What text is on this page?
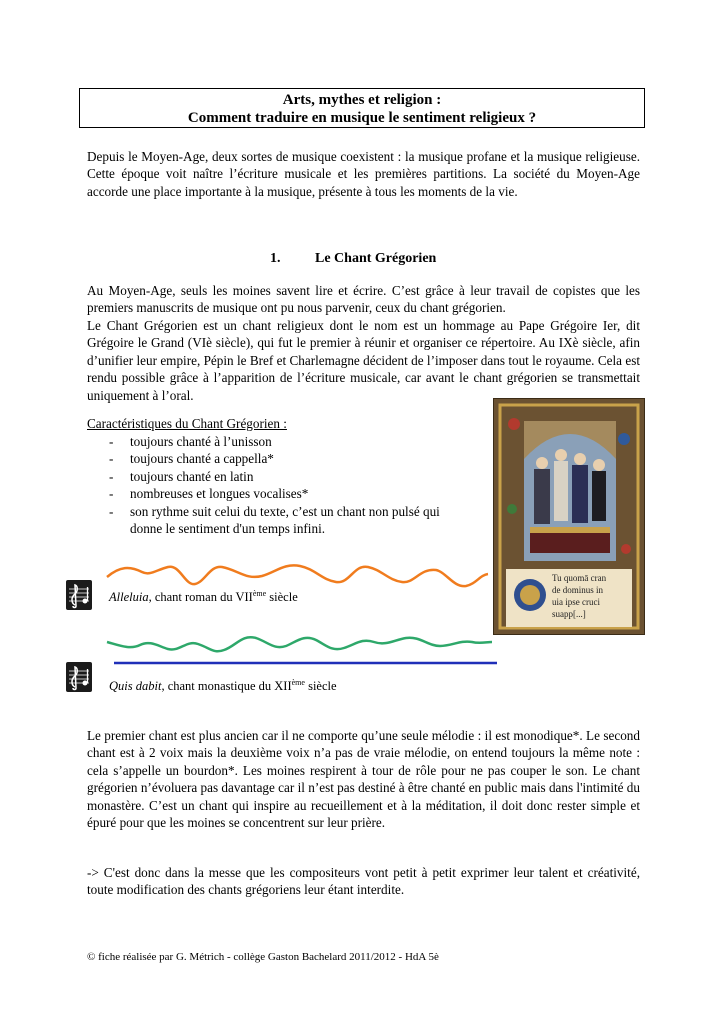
Arts, mythes et religion :
Comment traduire en musique le sentiment religieux ?

Depuis le Moyen-Age, deux sortes de musique coexistent : la musique profane et la musique religieuse. Cette époque voit naître l’écriture musicale et les premières partitions. La société du Moyen-Age accorde une place importante à la musique, présente à tous les moments de la vie.

1. Le Chant Grégorien

Au Moyen-Age, seuls les moines savent lire et écrire. C’est grâce à leur travail de copistes que les premiers manuscrits de musique ont pu nous parvenir, ceux du chant grégorien.

Le Chant Grégorien est un chant religieux dont le nom est un hommage au Pape Grégoire Ier, dit Grégoire le Grand (VIè siècle), qui fut le premier à réunir et organiser ce répertoire. Au IXè siècle, afin d’unifier leur empire, Pépin le Bref et Charlemagne décident de l’imposer dans tout le royaume. Cela est rendu possible grâce à l’apparition de l’écriture musicale, car avant le chant grégorien se transmettait uniquement à l’oral.

Caractéristiques du Chant Grégorien :
- toujours chanté à l’unisson
- toujours chanté a cappella*
- toujours chanté en latin
- nombreuses et longues vocalises*
- son rythme suit celui du texte, c’est un chant non pulsé qui donne le sentiment d'un temps infini.
Tu quomā cran
de dominus in
uia ipse cruci
suapp[...]
Alleluia, chant roman du VIIème siècle
Quis dabit, chant monastique du XIIème siècle

Le premier chant est plus ancien car il ne comporte qu’une seule mélodie : il est monodique*. Le second chant est à 2 voix mais la deuxième voix n’a pas de vraie mélodie, on entend toujours la même note : cela s’appelle un bourdon*. Les moines respirent à tour de rôle pour ne pas couper le son. Le chant grégorien n’évoluera pas davantage car il n’est pas destiné à être chanté en public mais dans l'intimité du monastère. C’est un chant qui inspire au recueillement et à la méditation, il doit donc rester simple et épuré pour que les moines se concentrent sur leur prière.

-> C'est donc dans la messe que les compositeurs vont petit à petit exprimer leur talent et créativité, toute modification des chants grégoriens leur étant interdite.

© fiche réalisée par G. Métrich - collège Gaston Bachelard 2011/2012 - HdA 5è
